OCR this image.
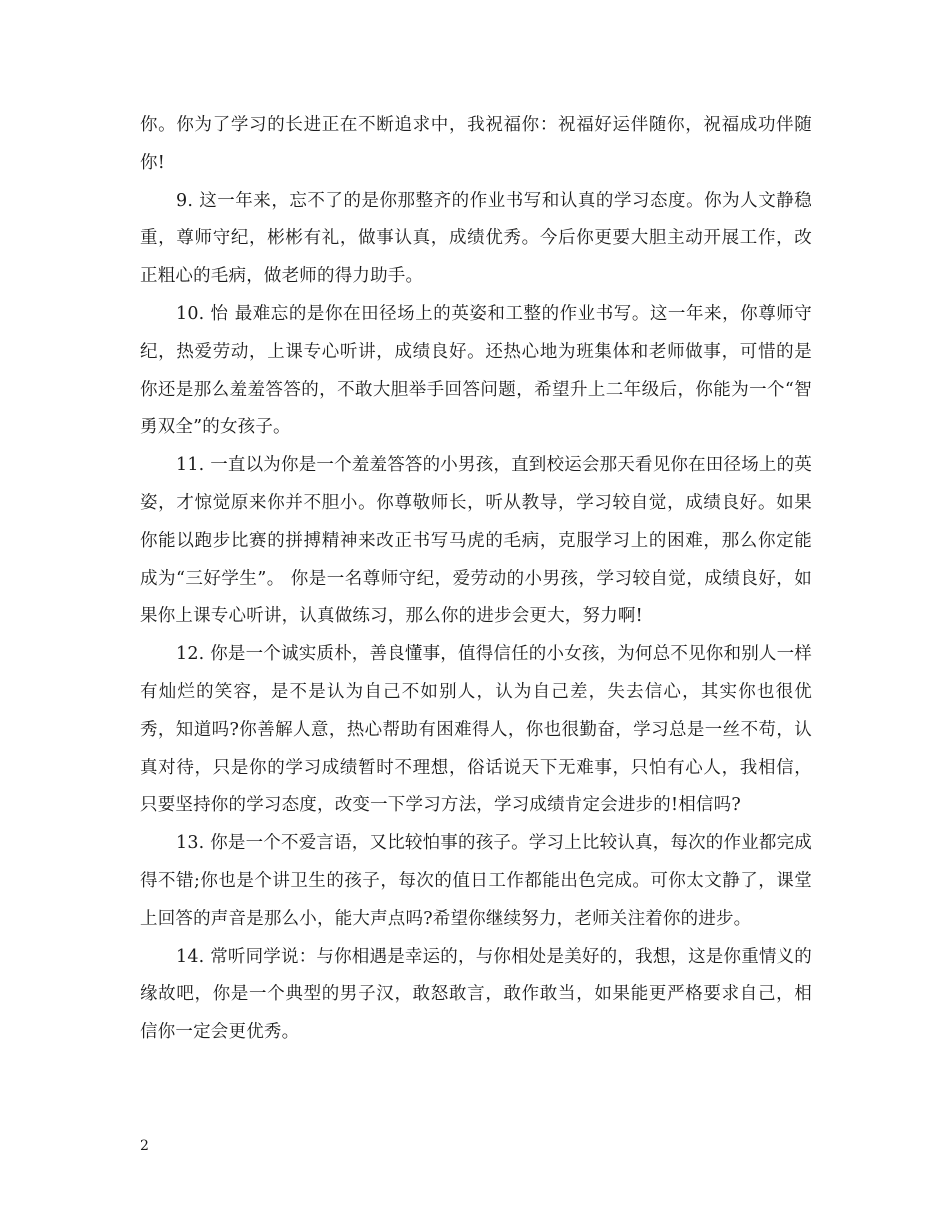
你。你为了学习的长进正在不断追求中，我祝福你：祝福好运伴随你，祝福成功伴随你!

9. 这一年来，忘不了的是你那整齐的作业书写和认真的学习态度。你为人文静稳重，尊师守纪，彬彬有礼，做事认真，成绩优秀。今后你更要大胆主动开展工作，改正粗心的毛病，做老师的得力助手。

10. 怡 最难忘的是你在田径场上的英姿和工整的作业书写。这一年来，你尊师守纪，热爱劳动，上课专心听讲，成绩良好。还热心地为班集体和老师做事，可惜的是你还是那么羞羞答答的，不敢大胆举手回答问题，希望升上二年级后，你能为一个“智勇双全”的女孩子。

11. 一直以为你是一个羞羞答答的小男孩，直到校运会那天看见你在田径场上的英姿，才惊觉原来你并不胆小。你尊敬师长，听从教导，学习较自觉，成绩良好。如果你能以跑步比赛的拼搏精神来改正书写马虎的毛病，克服学习上的困难，那么你定能成为“三好学生”。 你是一名尊师守纪，爱劳动的小男孩，学习较自觉，成绩良好，如果你上课专心听讲，认真做练习，那么你的进步会更大，努力啊!

12. 你是一个诚实质朴，善良懂事，值得信任的小女孩，为何总不见你和别人一样有灿烂的笑容，是不是认为自己不如别人，认为自己差，失去信心，其实你也很优秀，知道吗?你善解人意，热心帮助有困难得人，你也很勤奋，学习总是一丝不苟，认真对待，只是你的学习成绩暂时不理想，俗话说天下无难事，只怕有心人，我相信，只要坚持你的学习态度，改变一下学习方法，学习成绩肯定会进步的!相信吗?

13. 你是一个不爱言语，又比较怕事的孩子。学习上比较认真，每次的作业都完成得不错;你也是个讲卫生的孩子，每次的值日工作都能出色完成。可你太文静了，课堂上回答的声音是那么小，能大声点吗?希望你继续努力，老师关注着你的进步。

14. 常听同学说：与你相遇是幸运的，与你相处是美好的，我想，这是你重情义的缘故吧，你是一个典型的男子汉，敢怒敢言，敢作敢当，如果能更严格要求自己，相信你一定会更优秀。

2
